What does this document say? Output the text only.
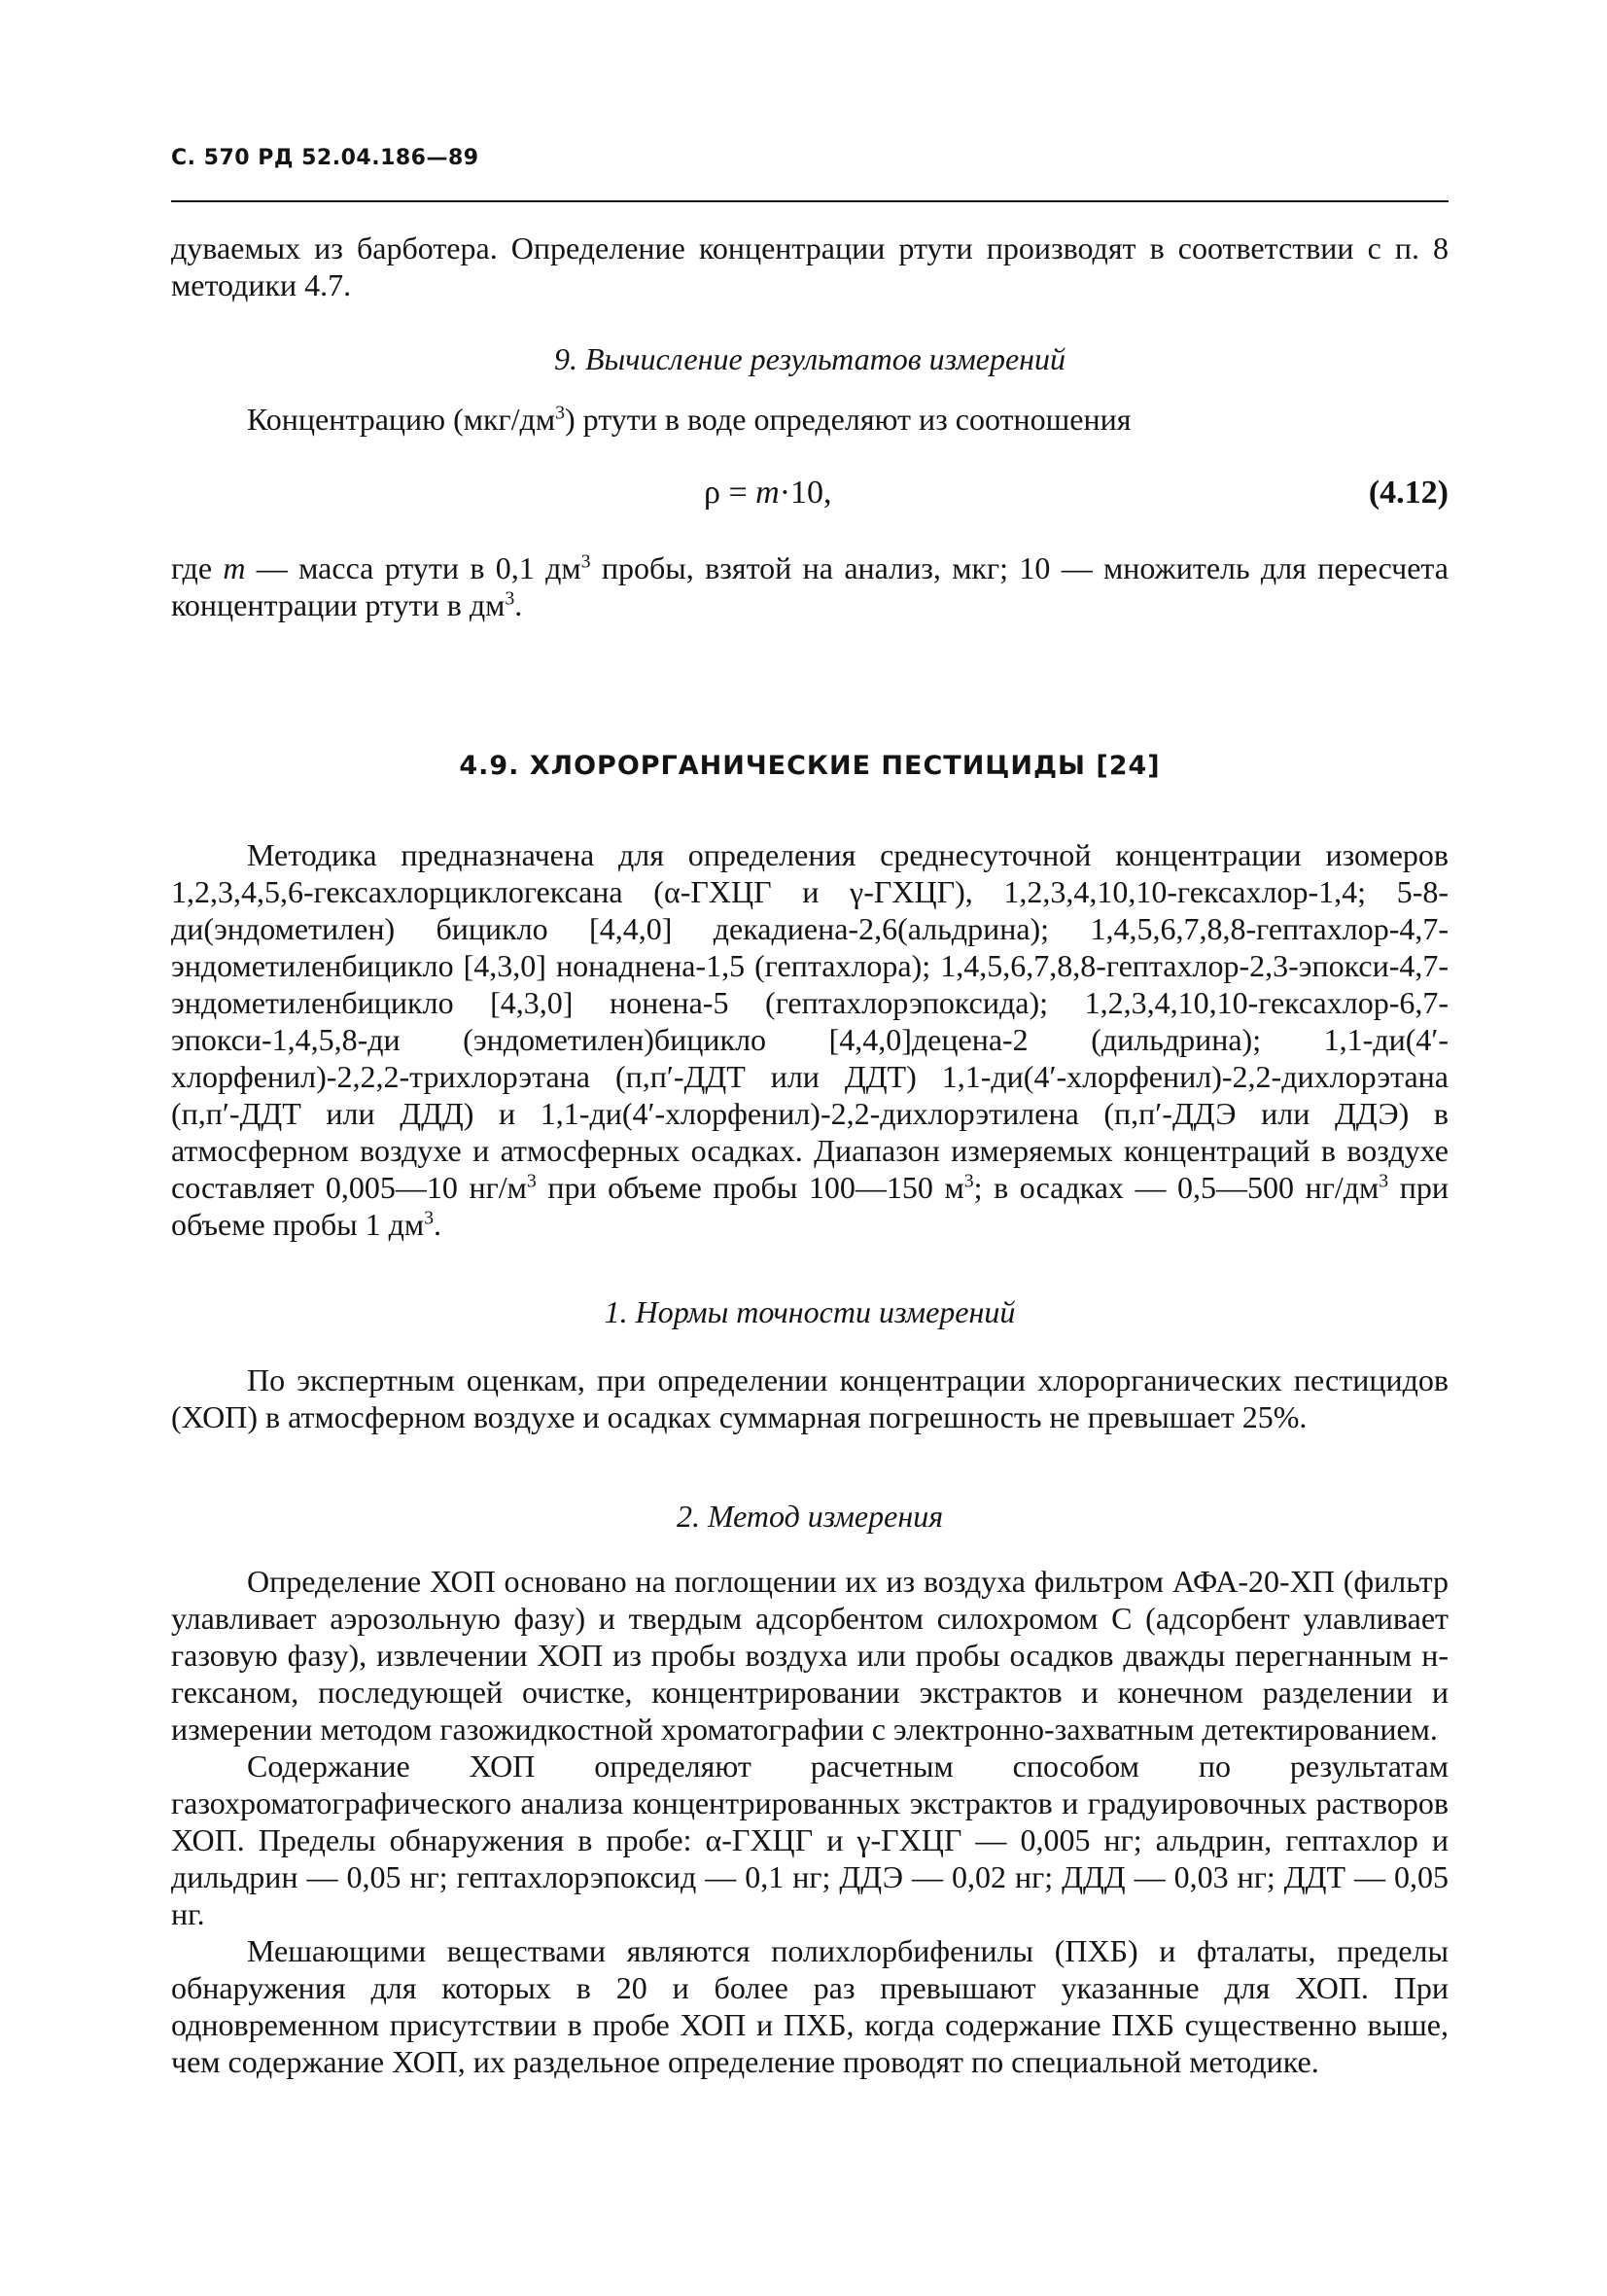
С. 570 РД 52.04.186—89

дуваемых из барботера. Определение концентрации ртути производят в соответствии с п. 8 методики 4.7.

9. Вычисление результатов измерений

Концентрацию $(мкг/дм^3)$ ртути в воде определяют из соотношения

ρ = m·10,	(4.12)

где m — масса ртути в 0,1 $дм^3$ пробы, взятой на анализ, мкг; 10 — множитель для пересчета концентрации ртути в $дм^3$.

4.9. ХЛОРОРГАНИЧЕСКИЕ ПЕСТИЦИДЫ [24]

Методика предназначена для определения среднесуточной концентрации изомеров 1,2,3,4,5,6-гексахлорциклогексана (α-ГХЦГ и γ-ГХЦГ), 1,2,3,4,10,10-гексахлор-1,4; 5-8-ди(эндометилен) бицикло [4,4,0] декадиена-2,6(альдрина); 1,4,5,6,7,8,8-гептахлор-4,7-эндометиленбицикло [4,3,0] нонаднена-1,5 (гептахлора); 1,4,5,6,7,8,8-гептахлор-2,3-эпокси-4,7-эндометиленбицикло [4,3,0] нонена-5 (гептахлорэпоксида); 1,2,3,4,10,10-гексахлор-6,7-эпокси-1,4,5,8-ди (эндометилен)бицикло [4,4,0]децена-2 (дильдрина); 1,1-ди(4′-хлорфенил)-2,2,2-трихлорэтана (п,п′-ДДТ или ДДТ) 1,1-ди(4′-хлорфенил)-2,2-дихлорэтана (п,п′-ДДТ или ДДД) и 1,1-ди(4′-хлорфенил)-2,2-дихлорэтилена (п,п′-ДДЭ или ДДЭ) в атмосферном воздухе и атмосферных осадках. Диапазон измеряемых концентраций в воздухе составляет 0,005—10 $нг/м^3$ при объеме пробы 100—150 $м^3$; в осадках — 0,5—500 $нг/дм^3$ при объеме пробы 1 $дм^3$.

1. Нормы точности измерений

По экспертным оценкам, при определении концентрации хлорорганических пестицидов (ХОП) в атмосферном воздухе и осадках суммарная погрешность не превышает 25%.

2. Метод измерения

Определение ХОП основано на поглощении их из воздуха фильтром АФА-20-ХП (фильтр улавливает аэрозольную фазу) и твердым адсорбентом силохромом С (адсорбент улавливает газовую фазу), извлечении ХОП из пробы воздуха или пробы осадков дважды перегнанным н-гексаном, последующей очистке, концентрировании экстрактов и конечном разделении и измерении методом газожидкостной хроматографии с электронно-захватным детектированием.

Содержание ХОП определяют расчетным способом по результатам газохроматографического анализа концентрированных экстрактов и градуировочных растворов ХОП. Пределы обнаружения в пробе: α-ГХЦГ и γ-ГХЦГ — 0,005 нг; альдрин, гептахлор и дильдрин — 0,05 нг; гептахлорэпоксид — 0,1 нг; ДДЭ — 0,02 нг; ДДД — 0,03 нг; ДДТ — 0,05 нг.

Мешающими веществами являются полихлорбифенилы (ПХБ) и фталаты, пределы обнаружения для которых в 20 и более раз превышают указанные для ХОП. При одновременном присутствии в пробе ХОП и ПХБ, когда содержание ПХБ существенно выше, чем содержание ХОП, их раздельное определение проводят по специальной методике.
